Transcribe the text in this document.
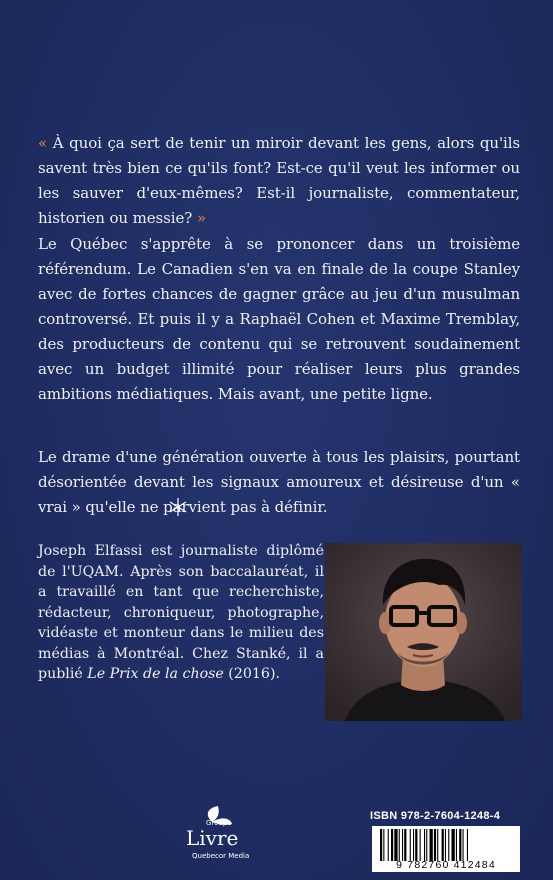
« À quoi ça sert de tenir un miroir devant les gens, alors qu'ils savent très bien ce qu'ils font? Est-ce qu'il veut les informer ou les sauver d'eux-mêmes? Est-il journaliste, commentateur, historien ou messie? »

Le Québec s'apprête à se prononcer dans un troisième référendum. Le Canadien s'en va en finale de la coupe Stanley avec de fortes chances de gagner grâce au jeu d'un musulman controversé. Et puis il y a Raphaël Cohen et Maxime Tremblay, des producteurs de contenu qui se retrouvent soudainement avec un budget illimité pour réaliser leurs plus grandes ambitions médiatiques. Mais avant, une petite ligne.

Le drame d'une génération ouverte à tous les plaisirs, pourtant désorientée devant les signaux amoureux et désireuse d'un « vrai » qu'elle ne parvient pas à définir.

Joseph Elfassi est journaliste diplômé de l'UQAM. Après son baccalauréat, il a travaillé en tant que recherchiste, rédacteur, chroniqueur, photographe, vidéaste et monteur dans le milieu des médias à Montréal. Chez Stanké, il a publié Le Prix de la chose (2016).

Groupe
Livre
Quebecor Media
ISBN 978-2-7604-1248-4
9 782760 412484
